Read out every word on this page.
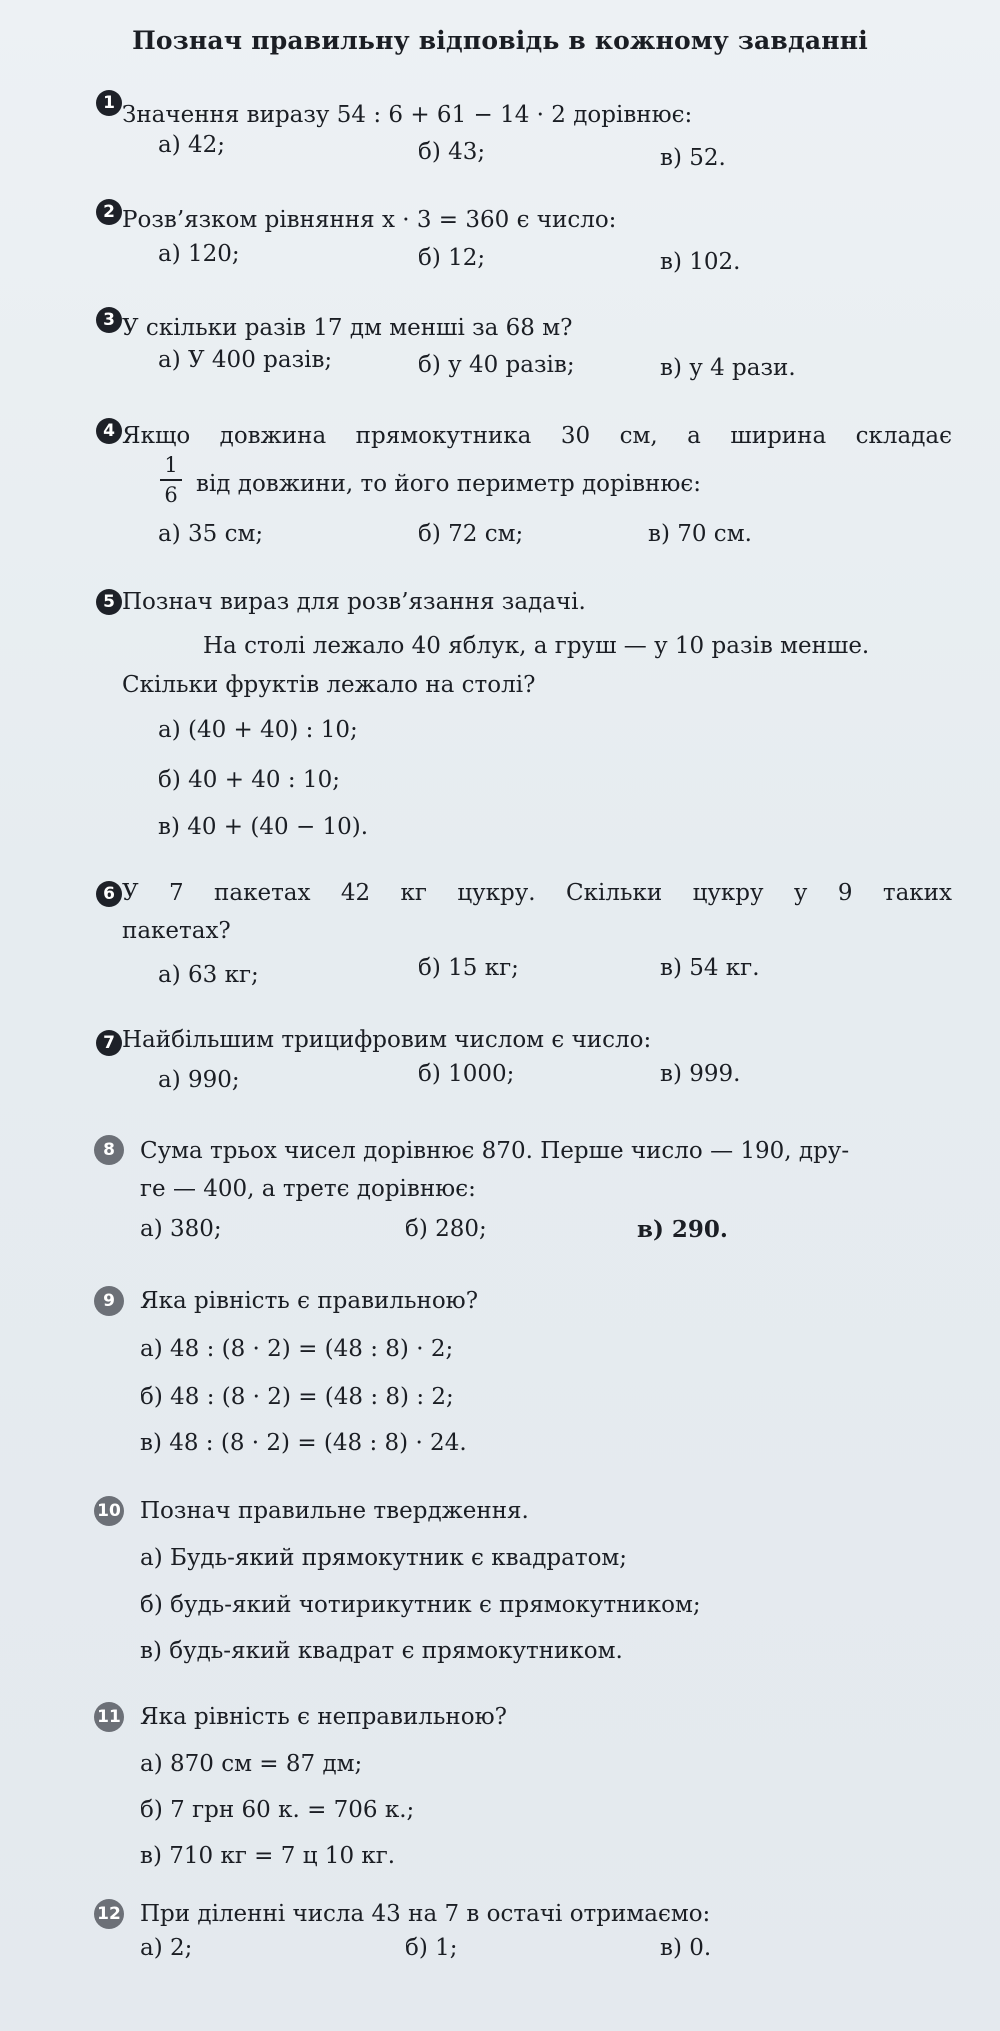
Познач правильну відповідь в кожному завданні
1 Значення виразу 54 : 6 + 61 − 14 · 2 дорівнює:
а) 42;	б) 43;	в) 52.
2 Розв’язком рівняння x · 3 = 360 є число:
а) 120;	б) 12;	в) 102.
3 У скільки разів 17 дм менші за 68 м?
а) У 400 разів;	б) у 40 разів;	в) у 4 рази.
4 Якщо довжина прямокутника 30 см, а ширина складає
1
6 від довжини, то його периметр дорівнює:
а) 35 см;	б) 72 см;	в) 70 см.
5 Познач вираз для розв’язання задачі.
На столі лежало 40 яблук, а груш — у 10 разів менше.
Скільки фруктів лежало на столі?
а) (40 + 40) : 10;
б) 40 + 40 : 10;
в) 40 + (40 − 10).
6 У 7 пакетах 42 кг цукру. Скільки цукру у 9 таких
пакетах?
а) 63 кг;	б) 15 кг;	в) 54 кг.
7 Найбільшим трицифровим числом є число:
а) 990;	б) 1000;	в) 999.
8	Сума трьох чисел дорівнює 870. Перше число — 190, дру-
ге — 400, а третє дорівнює:
а) 380;	б) 280;	в) 290.
9	Яка рівність є правильною?
а) 48 : (8 · 2) = (48 : 8) · 2;
б) 48 : (8 · 2) = (48 : 8) : 2;
в) 48 : (8 · 2) = (48 : 8) · 24.
10 Познач правильне твердження.
а) Будь-який прямокутник є квадратом;
б) будь-який чотирикутник є прямокутником;
в) будь-який квадрат є прямокутником.
11 Яка рівність є неправильною?
а) 870 см = 87 дм;
б) 7 грн 60 к. = 706 к.;
в) 710 кг = 7 ц 10 кг.
12 При діленні числа 43 на 7 в остачі отримаємо:
а) 2;	б) 1;	в) 0.
